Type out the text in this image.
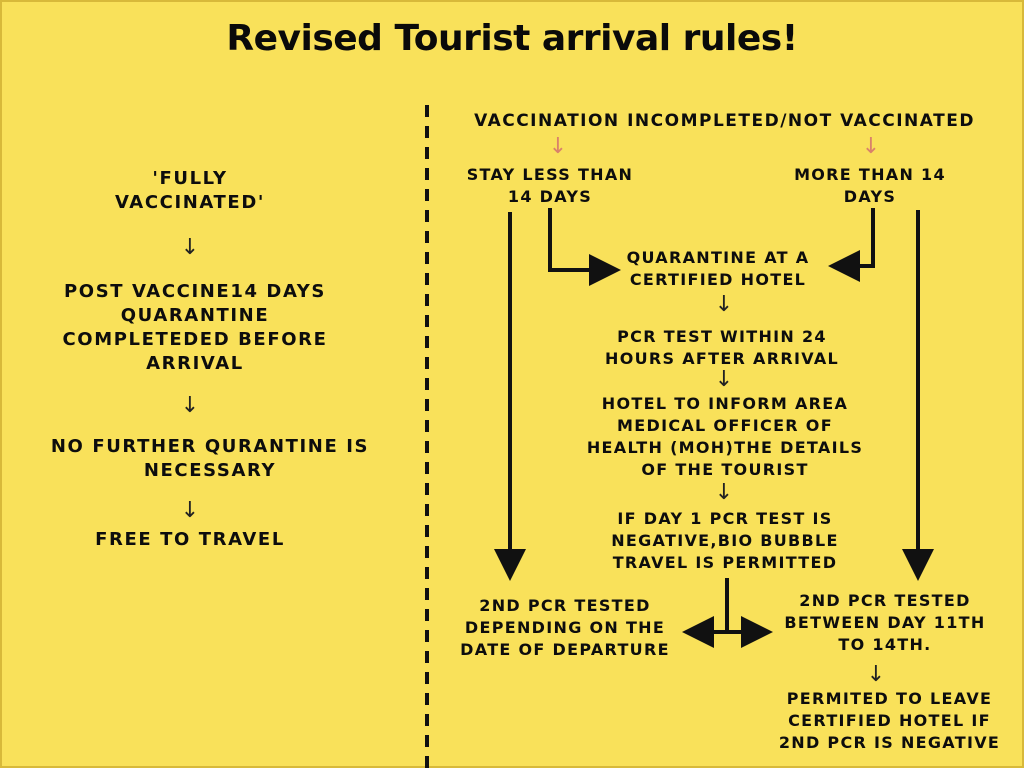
Revised Tourist arrival rules!
'FULLY
VACCINATED'
↓
POST VACCINE14 DAYS
QUARANTINE
COMPLETEDED BEFORE
ARRIVAL
↓
NO FURTHER QURANTINE IS
NECESSARY
↓
FREE TO TRAVEL
VACCINATION INCOMPLETED/NOT VACCINATED
↓	↓
STAY LESS THAN
14 DAYS
MORE THAN 14
DAYS
QUARANTINE AT A
CERTIFIED HOTEL
↓
PCR TEST WITHIN 24
HOURS AFTER ARRIVAL
↓
HOTEL TO INFORM AREA
MEDICAL OFFICER OF
HEALTH (MOH)THE DETAILS
OF THE TOURIST
↓
IF DAY 1 PCR TEST IS
NEGATIVE,BIO BUBBLE
TRAVEL IS PERMITTED
2ND PCR TESTED
DEPENDING ON THE
DATE OF DEPARTURE
2ND PCR TESTED
BETWEEN DAY 11TH
TO 14TH.
↓
PERMITED TO LEAVE
CERTIFIED HOTEL IF
2ND PCR IS NEGATIVE
